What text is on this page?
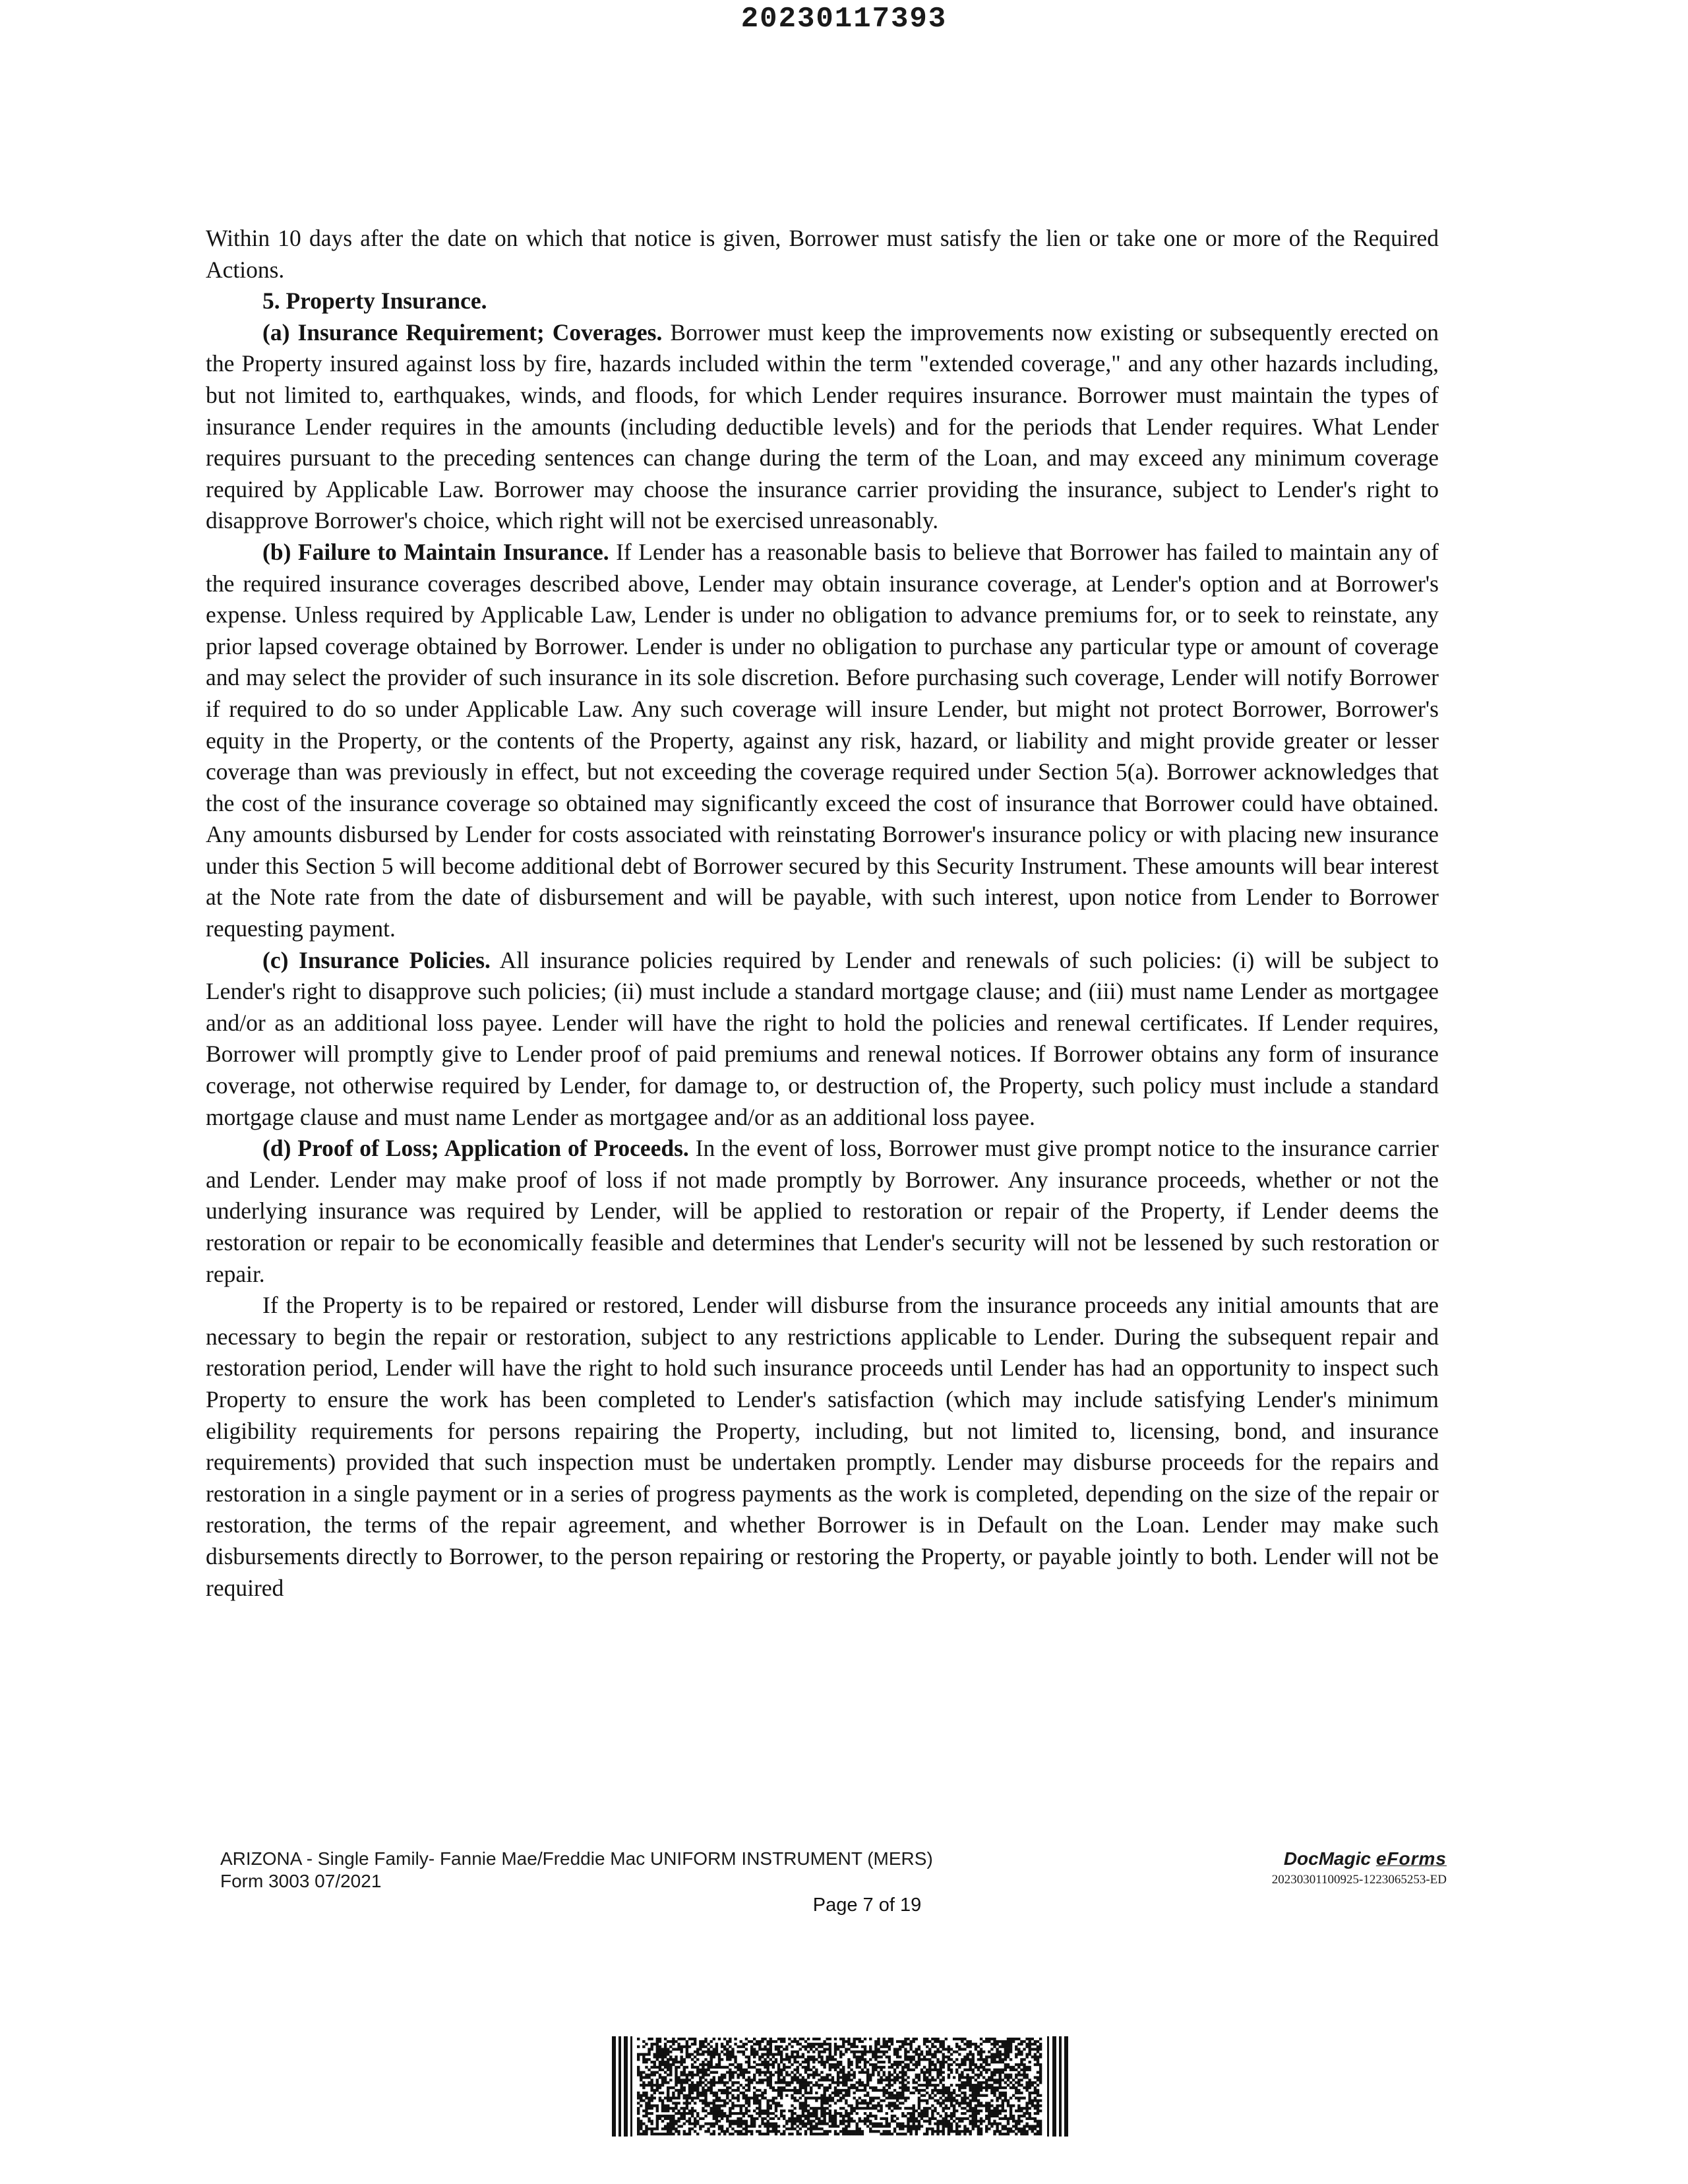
20230117393

Within 10 days after the date on which that notice is given, Borrower must satisfy the lien or take one or more of the Required Actions.

5. Property Insurance.

(a) Insurance Requirement; Coverages. Borrower must keep the improvements now existing or subsequently erected on the Property insured against loss by fire, hazards included within the term "extended coverage," and any other hazards including, but not limited to, earthquakes, winds, and floods, for which Lender requires insurance. Borrower must maintain the types of insurance Lender requires in the amounts (including deductible levels) and for the periods that Lender requires. What Lender requires pursuant to the preceding sentences can change during the term of the Loan, and may exceed any minimum coverage required by Applicable Law. Borrower may choose the insurance carrier providing the insurance, subject to Lender's right to disapprove Borrower's choice, which right will not be exercised unreasonably.

(b) Failure to Maintain Insurance. If Lender has a reasonable basis to believe that Borrower has failed to maintain any of the required insurance coverages described above, Lender may obtain insurance coverage, at Lender's option and at Borrower's expense. Unless required by Applicable Law, Lender is under no obligation to advance premiums for, or to seek to reinstate, any prior lapsed coverage obtained by Borrower. Lender is under no obligation to purchase any particular type or amount of coverage and may select the provider of such insurance in its sole discretion. Before purchasing such coverage, Lender will notify Borrower if required to do so under Applicable Law. Any such coverage will insure Lender, but might not protect Borrower, Borrower's equity in the Property, or the contents of the Property, against any risk, hazard, or liability and might provide greater or lesser coverage than was previously in effect, but not exceeding the coverage required under Section 5(a). Borrower acknowledges that the cost of the insurance coverage so obtained may significantly exceed the cost of insurance that Borrower could have obtained. Any amounts disbursed by Lender for costs associated with reinstating Borrower's insurance policy or with placing new insurance under this Section 5 will become additional debt of Borrower secured by this Security Instrument. These amounts will bear interest at the Note rate from the date of disbursement and will be payable, with such interest, upon notice from Lender to Borrower requesting payment.

(c) Insurance Policies. All insurance policies required by Lender and renewals of such policies: (i) will be subject to Lender's right to disapprove such policies; (ii) must include a standard mortgage clause; and (iii) must name Lender as mortgagee and/or as an additional loss payee. Lender will have the right to hold the policies and renewal certificates. If Lender requires, Borrower will promptly give to Lender proof of paid premiums and renewal notices. If Borrower obtains any form of insurance coverage, not otherwise required by Lender, for damage to, or destruction of, the Property, such policy must include a standard mortgage clause and must name Lender as mortgagee and/or as an additional loss payee.

(d) Proof of Loss; Application of Proceeds. In the event of loss, Borrower must give prompt notice to the insurance carrier and Lender. Lender may make proof of loss if not made promptly by Borrower. Any insurance proceeds, whether or not the underlying insurance was required by Lender, will be applied to restoration or repair of the Property, if Lender deems the restoration or repair to be economically feasible and determines that Lender's security will not be lessened by such restoration or repair.

If the Property is to be repaired or restored, Lender will disburse from the insurance proceeds any initial amounts that are necessary to begin the repair or restoration, subject to any restrictions applicable to Lender. During the subsequent repair and restoration period, Lender will have the right to hold such insurance proceeds until Lender has had an opportunity to inspect such Property to ensure the work has been completed to Lender's satisfaction (which may include satisfying Lender's minimum eligibility requirements for persons repairing the Property, including, but not limited to, licensing, bond, and insurance requirements) provided that such inspection must be undertaken promptly. Lender may disburse proceeds for the repairs and restoration in a single payment or in a series of progress payments as the work is completed, depending on the size of the repair or restoration, the terms of the repair agreement, and whether Borrower is in Default on the Loan. Lender may make such disbursements directly to Borrower, to the person repairing or restoring the Property, or payable jointly to both. Lender will not be required

ARIZONA - Single Family- Fannie Mae/Freddie Mac UNIFORM INSTRUMENT (MERS)
Form 3003 07/2021
DocMagic eForms
20230301100925-1223065253-ED
Page 7 of 19
